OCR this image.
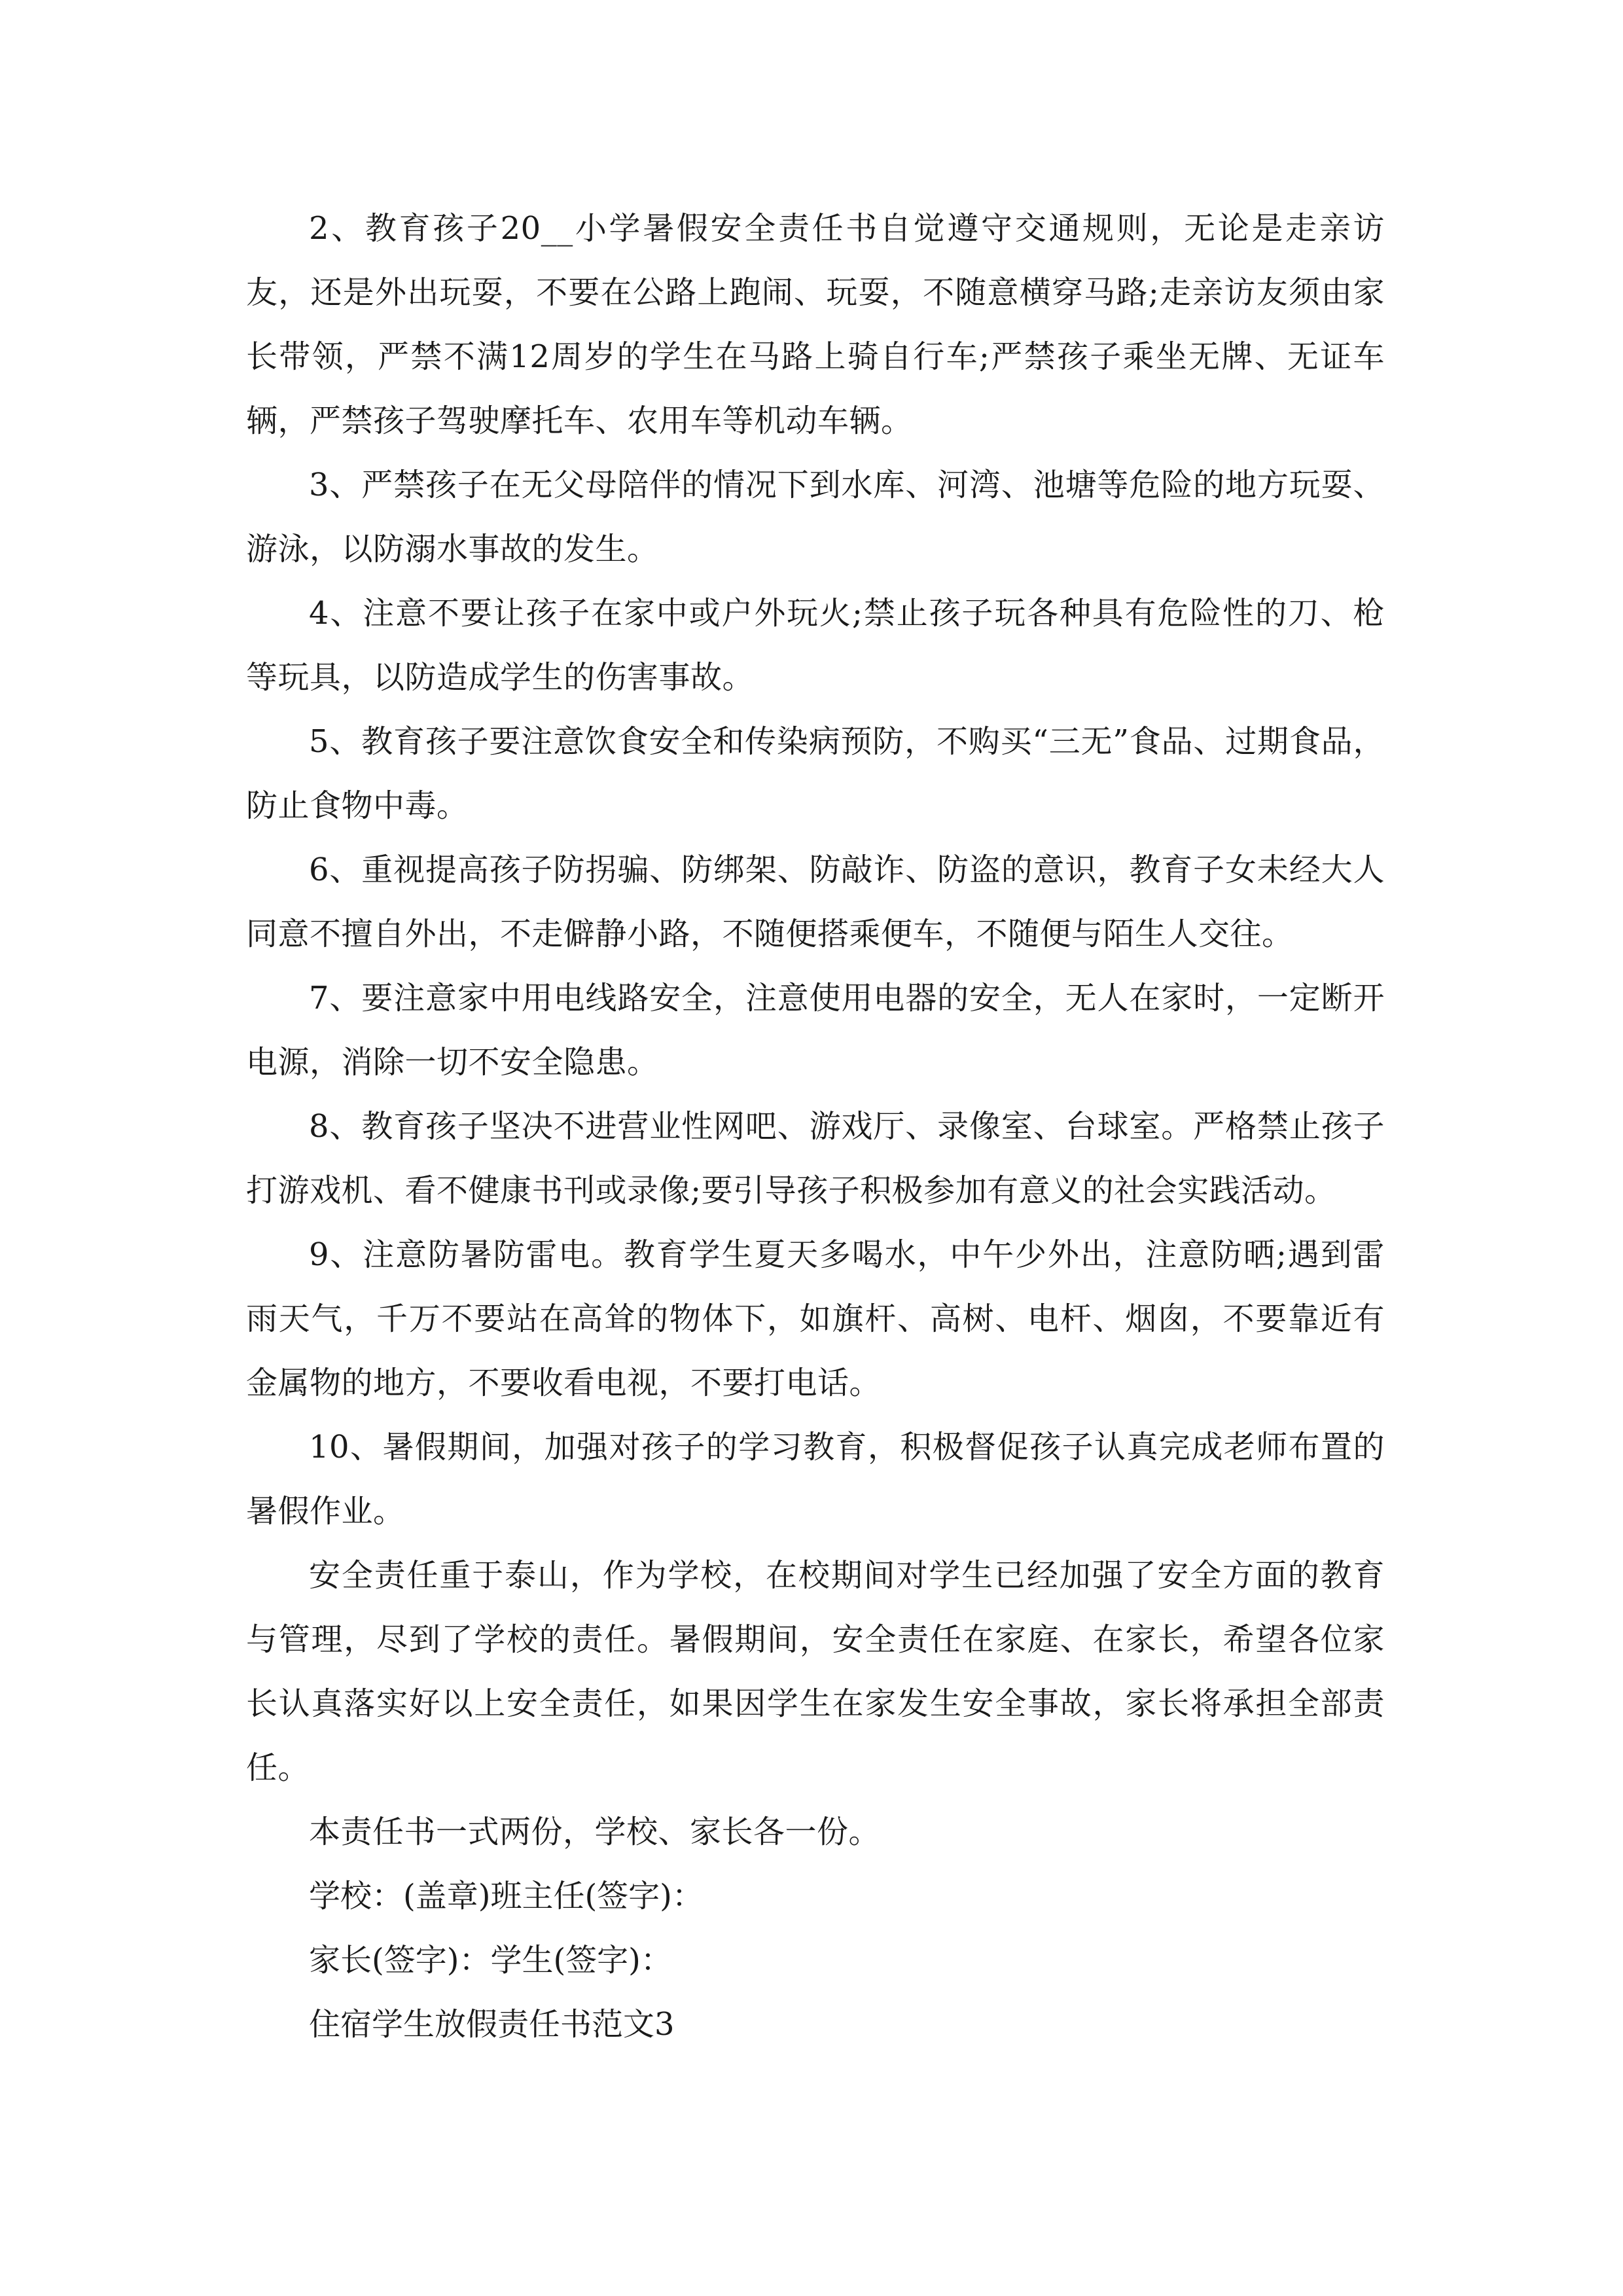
2、教育孩子20__小学暑假安全责任书自觉遵守交通规则，无论是走亲访友，还是外出玩耍，不要在公路上跑闹、玩耍，不随意横穿马路;走亲访友须由家长带领，严禁不满12周岁的学生在马路上骑自行车;严禁孩子乘坐无牌、无证车辆，严禁孩子驾驶摩托车、农用车等机动车辆。

3、严禁孩子在无父母陪伴的情况下到水库、河湾、池塘等危险的地方玩耍、游泳，以防溺水事故的发生。

4、注意不要让孩子在家中或户外玩火;禁止孩子玩各种具有危险性的刀、枪等玩具，以防造成学生的伤害事故。

5、教育孩子要注意饮食安全和传染病预防，不购买“三无”食品、过期食品，防止食物中毒。

6、重视提高孩子防拐骗、防绑架、防敲诈、防盗的意识，教育子女未经大人同意不擅自外出，不走僻静小路，不随便搭乘便车，不随便与陌生人交往。

7、要注意家中用电线路安全，注意使用电器的安全，无人在家时，一定断开电源，消除一切不安全隐患。

8、教育孩子坚决不进营业性网吧、游戏厅、录像室、台球室。严格禁止孩子打游戏机、看不健康书刊或录像;要引导孩子积极参加有意义的社会实践活动。

9、注意防暑防雷电。教育学生夏天多喝水，中午少外出，注意防晒;遇到雷雨天气，千万不要站在高耸的物体下，如旗杆、高树、电杆、烟囱，不要靠近有金属物的地方，不要收看电视，不要打电话。

10、暑假期间，加强对孩子的学习教育，积极督促孩子认真完成老师布置的暑假作业。

安全责任重于泰山，作为学校，在校期间对学生已经加强了安全方面的教育与管理，尽到了学校的责任。暑假期间，安全责任在家庭、在家长，希望各位家长认真落实好以上安全责任，如果因学生在家发生安全事故，家长将承担全部责任。

本责任书一式两份，学校、家长各一份。

学校：(盖章)班主任(签字)：

家长(签字)：学生(签字)：

住宿学生放假责任书范文3
